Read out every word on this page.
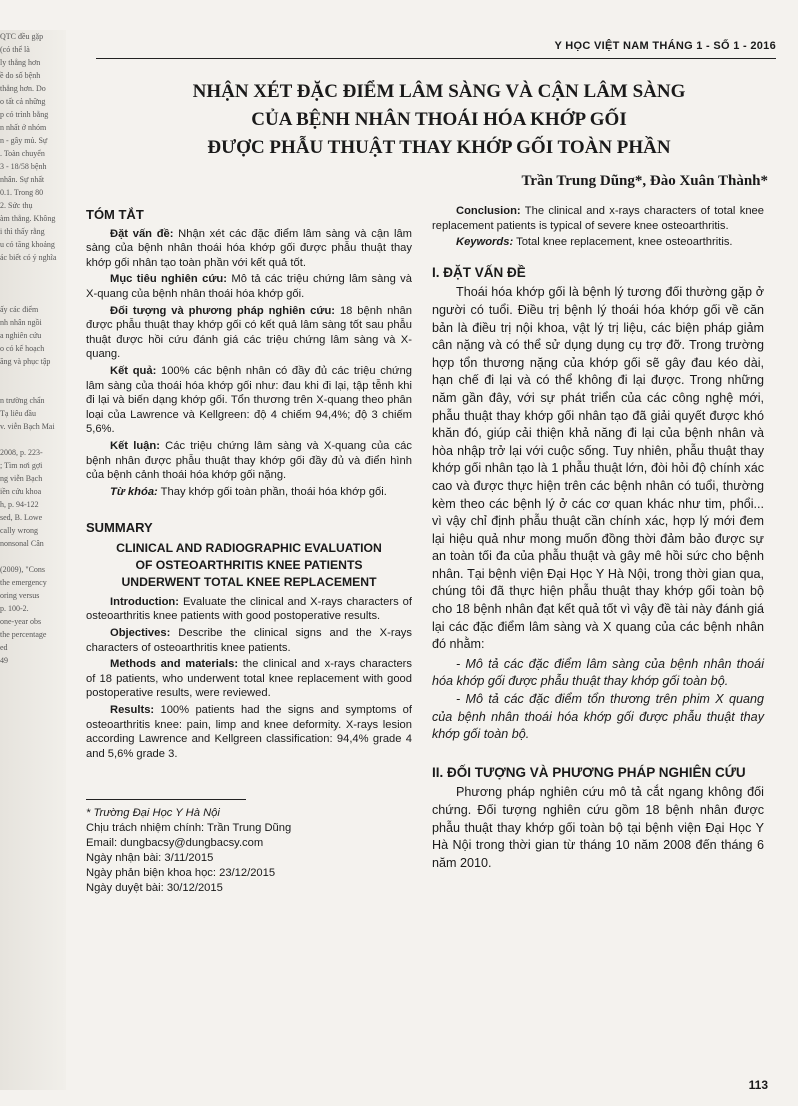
QTC đều gặp
(có thể là
ly thẳng hơn
ề do số bệnh
thẳng hơn. Do
o tất cả những
p có trình bằng
n nhất ở nhóm
n - gây mủ. Sự
. Toàn chuyển
3 - 18/58 bệnh
nhân. Sự nhất
0.1. Trong 80
2. Sức thụ
àm thẳng. Không
i thì thấy rằng
u có tăng khoảng
ác biết có ý nghĩa

ấy các điểm
nh nhân ngồi
a nghiên cứu
o có kế hoạch
ăng và phục tập

n trường chẩn
Tạ liêu đầu
v. viễn Bạch Mai

2008, p. 223-
; Tìm nơi gợi
ng viễn Bạch
iền cứu khoa
h, p. 94-122
sed, B. Lowe
cally wrong
nonsonal Cân

(2009), "Cons
the emergency
oring versus
p. 100-2.
one-year obs
the percentage
ed
49
Y HỌC VIỆT NAM THÁNG 1 - SỐ 1 - 2016
NHẬN XÉT ĐẶC ĐIỂM LÂM SÀNG VÀ CẬN LÂM SÀNG
CỦA BỆNH NHÂN THOÁI HÓA KHỚP GỐI
ĐƯỢC PHẪU THUẬT THAY KHỚP GỐI TOÀN PHẦN
Trần Trung Dũng*, Đào Xuân Thành*
TÓM TẮT

Đặt vấn đề: Nhận xét các đặc điểm lâm sàng và cận lâm sàng của bệnh nhân thoái hóa khớp gối được phẫu thuật thay khớp gối nhân tạo toàn phần với kết quả tốt.

Mục tiêu nghiên cứu: Mô tả các triệu chứng lâm sàng và X-quang của bệnh nhân thoái hóa khớp gối.

Đối tượng và phương pháp nghiên cứu: 18 bệnh nhân được phẫu thuật thay khớp gối có kết quả lâm sàng tốt sau phẫu thuật được hồi cứu đánh giá các triệu chứng lâm sàng và X-quang.

Kết quả: 100% các bệnh nhân có đầy đủ các triệu chứng lâm sàng của thoái hóa khớp gối như: đau khi đi lại, tập tễnh khi đi lại và biến dạng khớp gối. Tổn thương trên X-quang theo phân loại của Lawrence và Kellgreen: độ 4 chiếm 94,4%; độ 3 chiếm 5,6%.

Kết luận: Các triệu chứng lâm sàng và X-quang của các bệnh nhân được phẫu thuật thay khớp gối đầy đủ và điển hình của bệnh cảnh thoái hóa khớp gối nặng.

Từ khóa: Thay khớp gối toàn phần, thoái hóa khớp gối.

SUMMARY
CLINICAL AND RADIOGRAPHIC EVALUATION
OF OSTEOARTHRITIS KNEE PATIENTS
UNDERWENT TOTAL KNEE REPLACEMENT

Introduction: Evaluate the clinical and X-rays characters of osteoarthritis knee patients with good postoperative results.

Objectives: Describe the clinical signs and the X-rays characters of osteoarthritis knee patients.

Methods and materials: the clinical and x-rays characters of 18 patients, who underwent total knee replacement with good postoperative results, were reviewed.

Results: 100% patients had the signs and symptoms of osteoarthritis knee: pain, limp and knee deformity. X-rays lesion according Lawrence and Kellgreen classification: 94,4% grade 4 and 5,6% grade 3.

* Trường Đại Học Y Hà Nội

Chịu trách nhiệm chính: Trần Trung Dũng

Email: dungbacsy@dungbacsy.com

Ngày nhận bài: 3/11/2015

Ngày phản biện khoa học: 23/12/2015

Ngày duyệt bài: 30/12/2015

Conclusion: The clinical and x-rays characters of total knee replacement patients is typical of severe knee osteoarthritis.

Keywords: Total knee replacement, knee osteoarthritis.

I. ĐẶT VẤN ĐỀ

Thoái hóa khớp gối là bệnh lý tương đối thường gặp ở người có tuổi. Điều trị bệnh lý thoái hóa khớp gối về căn bản là điều trị nội khoa, vật lý trị liệu, các biện pháp giảm cân nặng và có thể sử dụng dụng cụ trợ đỡ. Trong trường hợp tổn thương nặng của khớp gối sẽ gây đau kéo dài, hạn chế đi lại và có thể không đi lại được. Trong những năm gần đây, với sự phát triển của các công nghệ mới, phẫu thuật thay khớp gối nhân tạo đã giải quyết được khó khăn đó, giúp cải thiện khả năng đi lại của bệnh nhân và hòa nhập trở lại với cuộc sống. Tuy nhiên, phẫu thuật thay khớp gối nhân tạo là 1 phẫu thuật lớn, đòi hỏi độ chính xác cao và được thực hiện trên các bệnh nhân có tuổi, thường kèm theo các bệnh lý ở các cơ quan khác như tim, phổi... vì vậy chỉ định phẫu thuật cần chính xác, hợp lý mới đem lại hiệu quả như mong muốn đồng thời đảm bảo được sự an toàn tối đa của phẫu thuật và gây mê hồi sức cho bệnh nhân. Tại bệnh viện Đại Học Y Hà Nội, trong thời gian qua, chúng tôi đã thực hiện phẫu thuật thay khớp gối toàn bộ cho 18 bệnh nhân đạt kết quả tốt vì vậy đề tài này đánh giá lại các đặc điểm lâm sàng và X quang của các bệnh nhân đó nhằm:

- Mô tả các đặc điểm lâm sàng của bệnh nhân thoái hóa khớp gối được phẫu thuật thay khớp gối toàn bộ.

- Mô tả các đặc điểm tổn thương trên phim X quang của bệnh nhân thoái hóa khớp gối được phẫu thuật thay khớp gối toàn bộ.

II. ĐỐI TƯỢNG VÀ PHƯƠNG PHÁP NGHIÊN CỨU

Phương pháp nghiên cứu mô tả cắt ngang không đối chứng. Đối tượng nghiên cứu gồm 18 bệnh nhân được phẫu thuật thay khớp gối toàn bộ tại bệnh viện Đại Học Y Hà Nội trong thời gian từ tháng 10 năm 2008 đến tháng 6 năm 2010.

113
